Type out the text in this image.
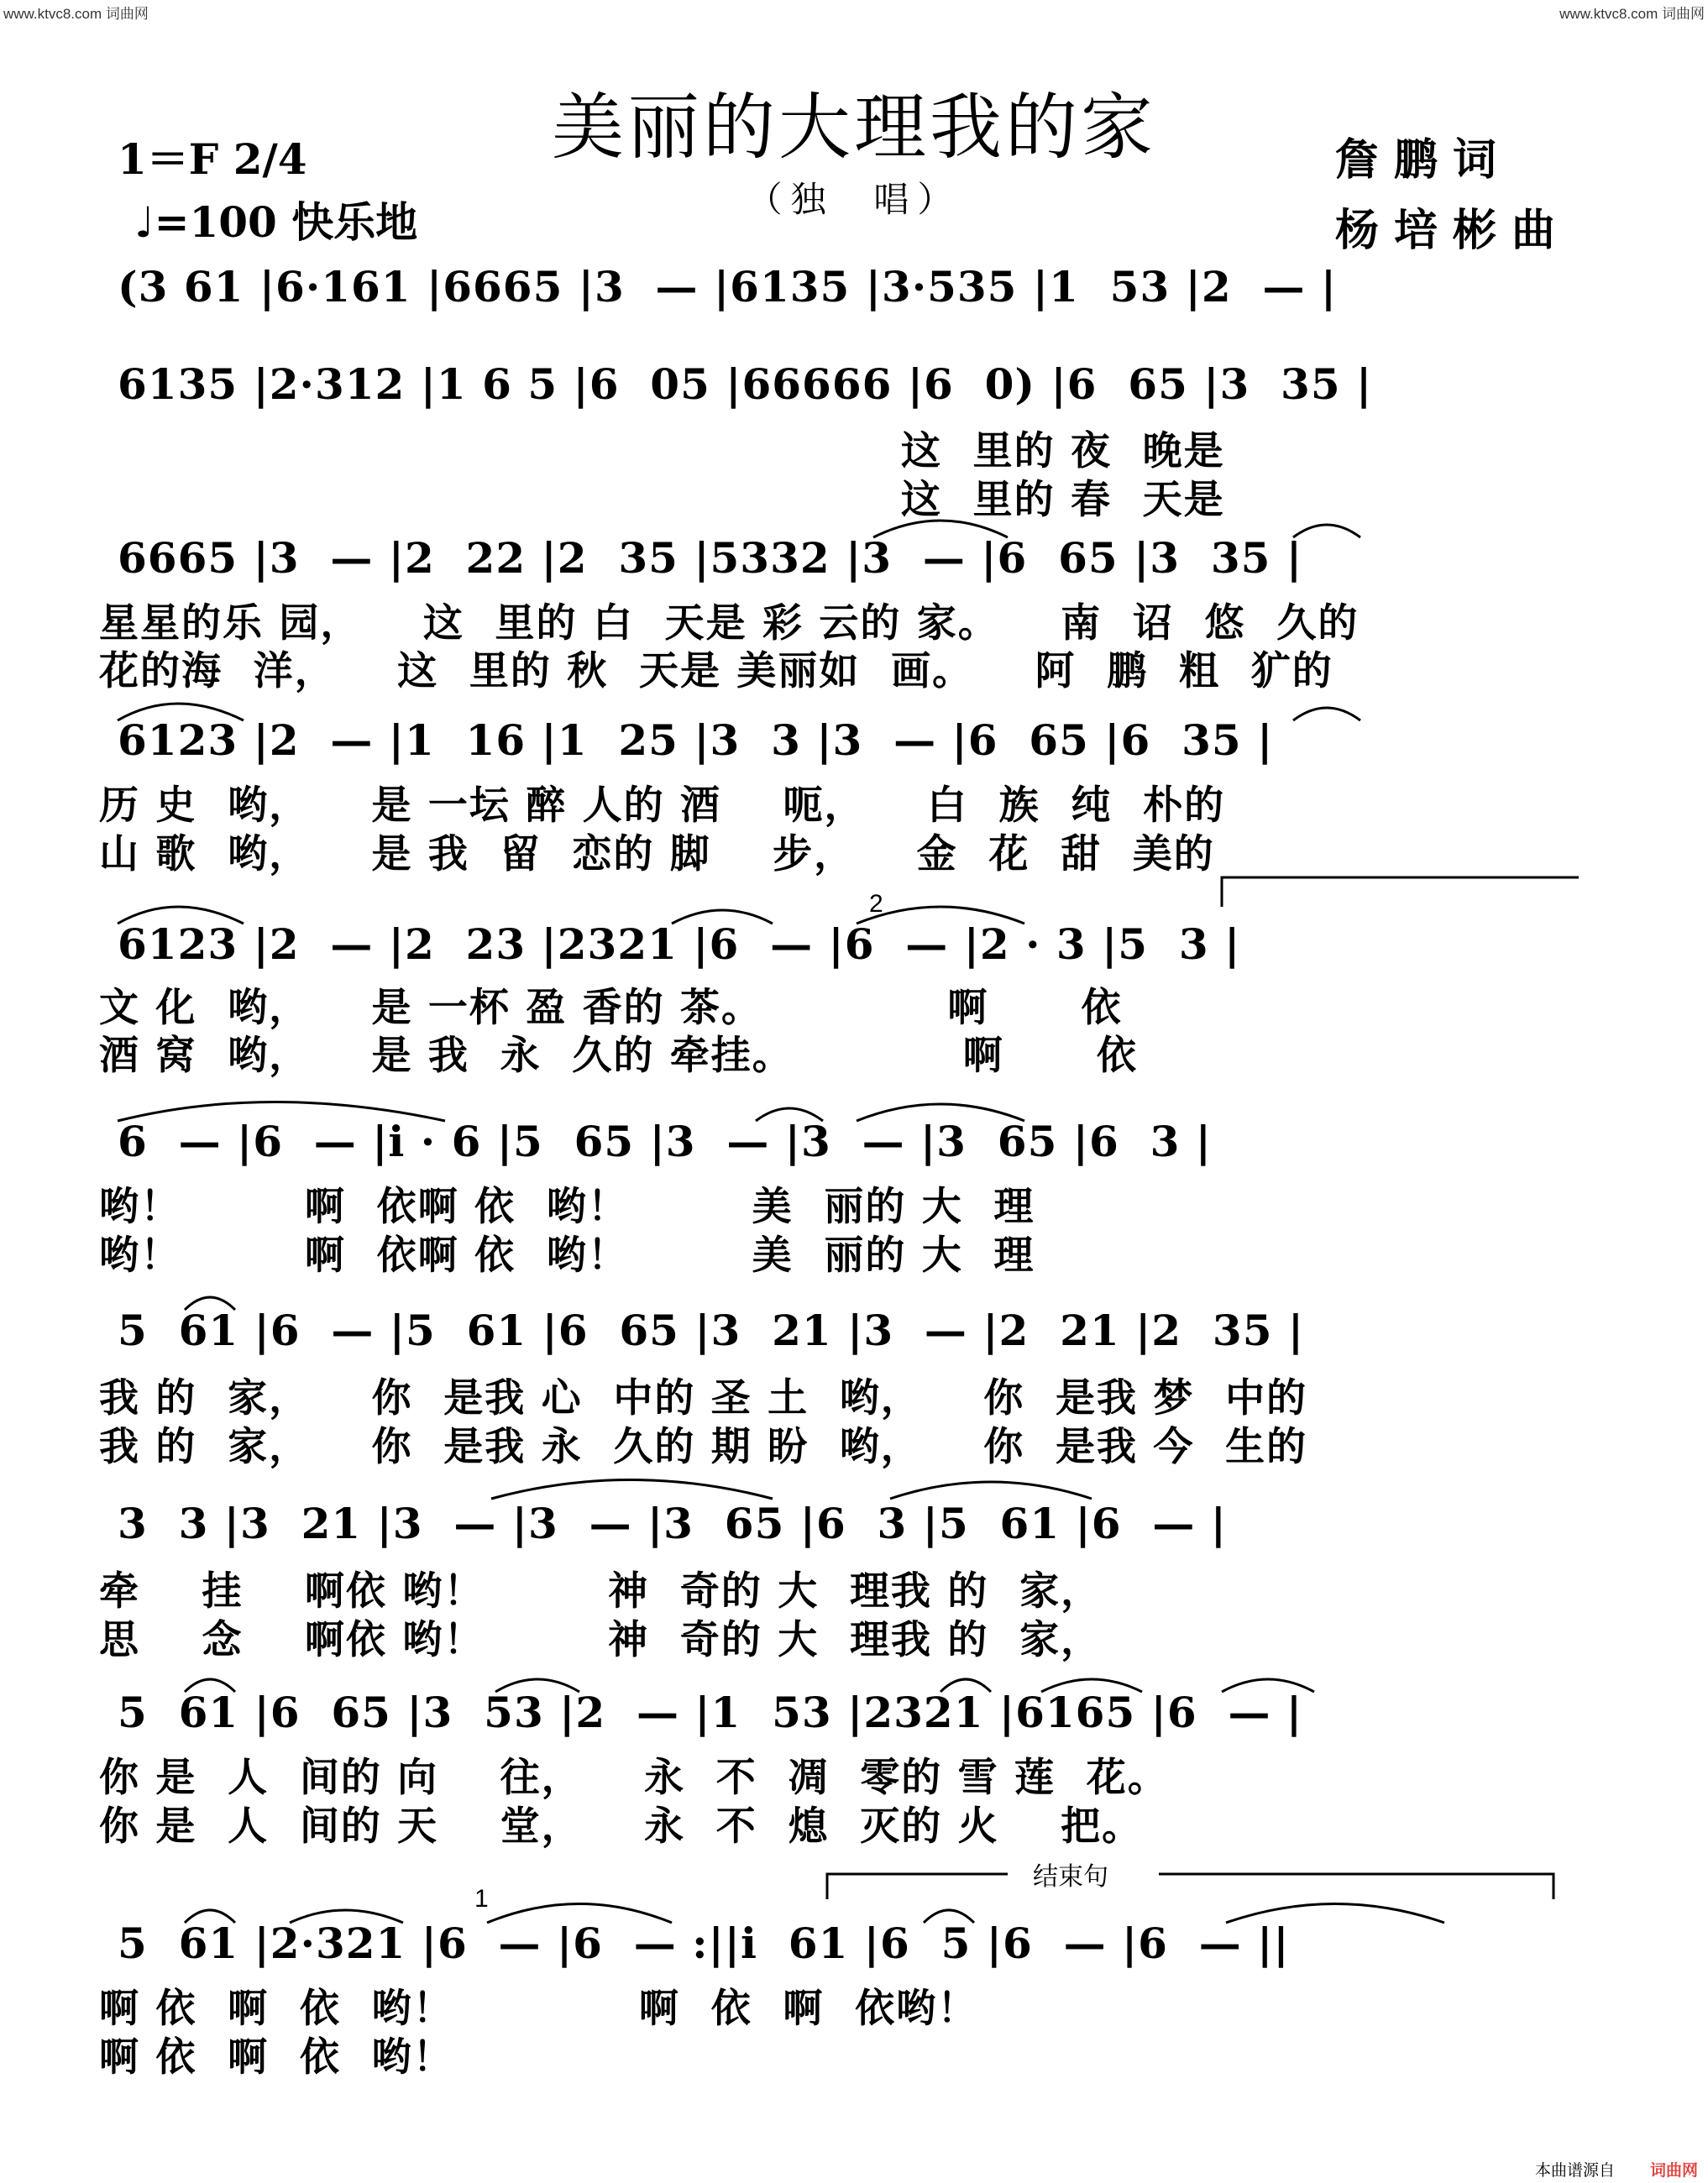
www.ktvc8.com 词曲网	www.ktvc8.com 词曲网
美丽的大理我的家
（独  唱）
1＝F 2/4
♩=100 快乐地
詹鹏词
杨培彬曲
(3 61 |6·161 |6665 |3  — |6135 |3·535 |1  53 |2  — |
6135 |2·312 |1 6 5 |6  05 |66666 |6  0) |6  65 |3  35 |
这  里的 夜  晚是
这  里的 春  天是
6665 |3  — |2  22 |2  35 |5332 |3  — |6  65 |3  35 |
星星的乐 园，    这  里的 白  天是 彩 云的 家。    南  诏  悠  久的
花的海  洋，    这  里的 秋  天是 美丽如  画。    阿  鹏  粗  犷的
6123 |2  — |1  16 |1  25 |3  3 |3  — |6  65 |6  35 |
历 史  哟，    是 一坛 醉 人的 酒    呃，    白  族  纯  朴的
山 歌  哟，    是 我  留  恋的 脚    步，    金  花  甜  美的
6123 |2  — |2  23 |2321 |6  — |6  — |2 · 3 |5  3 |
文 化  哟，    是 一杯 盈 香的 茶。            啊      依
酒 窝  哟，    是 我  永  久的 牵挂。           啊      依
6  — |6  — |i · 6 |5  65 |3  — |3  — |3  65 |6  3 |
哟！        啊  依啊 依  哟！        美  丽的 大  理
哟！        啊  依啊 依  哟！        美  丽的 大  理
5  61 |6  — |5  61 |6  65 |3  21 |3  — |2  21 |2  35 |
我 的  家，    你  是我 心  中的 圣 土  哟，    你  是我 梦  中的
我 的  家，    你  是我 永  久的 期 盼  哟，    你  是我 今  生的
3  3 |3  21 |3  — |3  — |3  65 |6  3 |5  61 |6  — |
牵    挂    啊依 哟！        神  奇的 大  理我 的  家，
思    念    啊依 哟！        神  奇的 大  理我 的  家，
5  61 |6  65 |3  53 |2  — |1  53 |2321 |6165 |6  — |
你 是  人  间的 向    往，    永  不  凋  零的 雪 莲  花。
你 是  人  间的 天    堂，    永  不  熄  灭的 火    把。
1
结束句
5  61 |2·321 |6  — |6  — :||i  61 |6  5 |6  — |6  — ||
啊 依  啊  依  哟！            啊  依  啊  依哟！
啊 依  啊  依  哟！
2
本曲谱源自 词曲网
